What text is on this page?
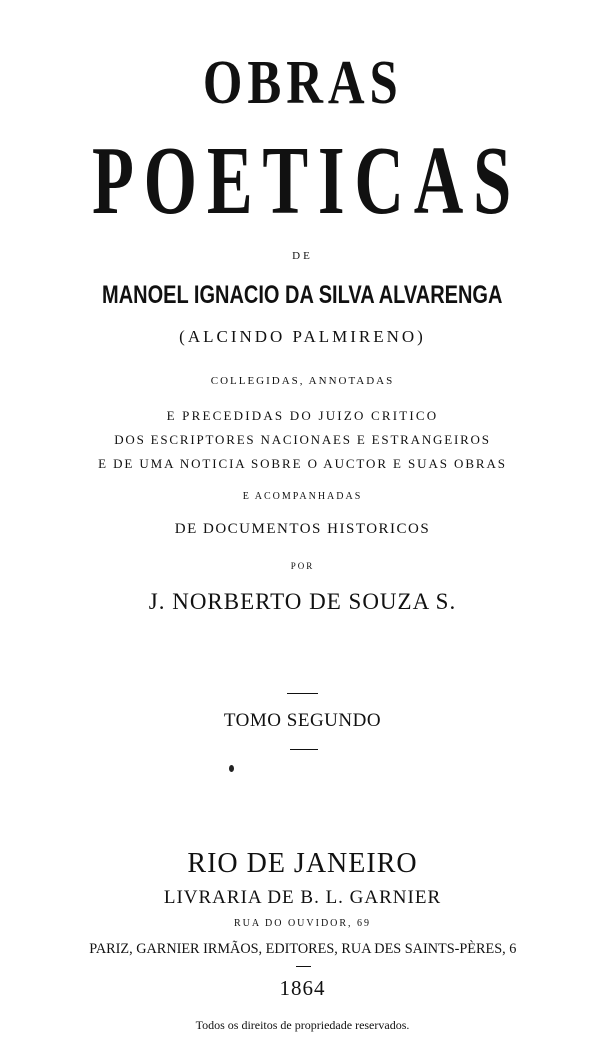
OBRAS
POETICAS
DE
MANOEL IGNACIO DA SILVA ALVARENGA
(ALCINDO PALMIRENO)
COLLEGIDAS, ANNOTADAS
E PRECEDIDAS DO JUIZO CRITICO
DOS ESCRIPTORES NACIONAES E ESTRANGEIROS
E DE UMA NOTICIA SOBRE O AUCTOR E SUAS OBRAS
E ACOMPANHADAS
DE DOCUMENTOS HISTORICOS
POR
J. NORBERTO DE SOUZA S.
TOMO SEGUNDO
RIO DE JANEIRO
LIVRARIA DE B. L. GARNIER
RUA DO OUVIDOR, 69
PARIZ, GARNIER IRMÃOS, EDITORES, RUA DES SAINTS-PÈRES, 6
1864
Todos os direitos de propriedade reservados.
